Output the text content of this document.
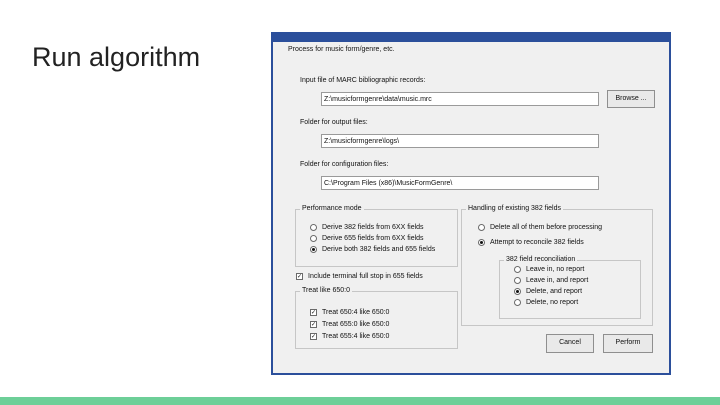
Run algorithm	Process for music form/genre, etc.
Input file of MARC bibliographic records:
Z:\musicformgenre\data\music.mrc	Browse ...
Folder for output files:
Z:\musicformgenre\logs\
Folder for configuration files:
C:\Program Files (x86)\MusicFormGenre\
Performance mode
Derive 382 fields from 6XX fields
Derive 655 fields from 6XX fields
Derive both 382 fields and 655 fields
✓
Include terminal full stop in 655 fields
Treat like 650:0
✓
Treat 650:4 like 650:0
✓
Treat 655:0 like 650:0
✓
Treat 655:4 like 650:0
Handling of existing 382 fields
Delete all of them before processing
Attempt to reconcile 382 fields
382 field reconciliation
Leave in, no report
Leave in, and report
Delete, and report
Delete, no report
Cancel	Perform
